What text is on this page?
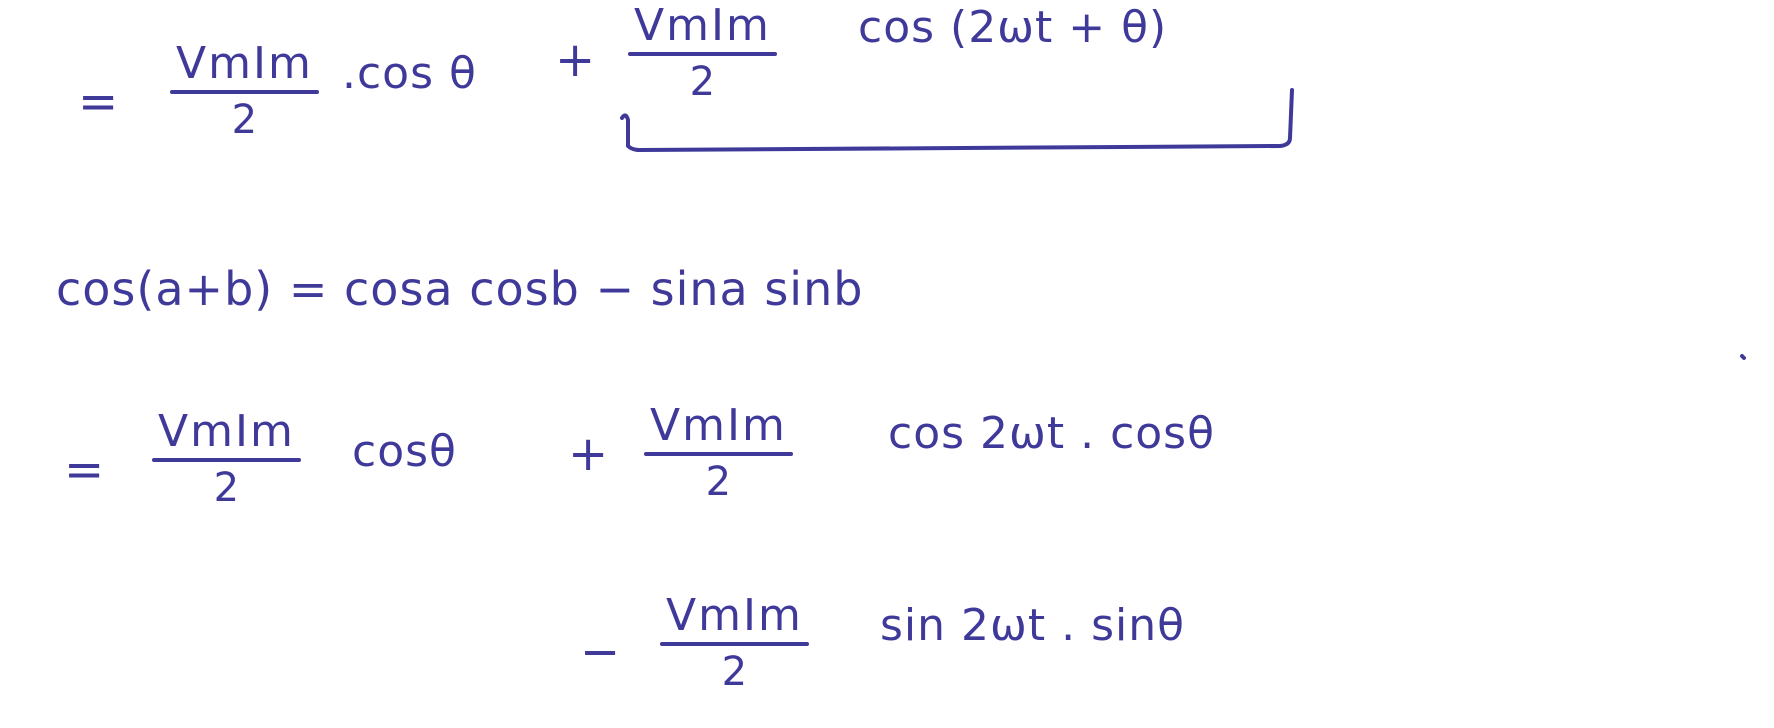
=
VmIm
2
.cos θ +
VmIm
2
cos (2ωt + θ)
cos(a+b) = cosa cosb − sina sinb
=
VmIm
2
cosθ +
VmIm
2
cos 2ωt . cosθ
−
VmIm
2
sin 2ωt . sinθ
